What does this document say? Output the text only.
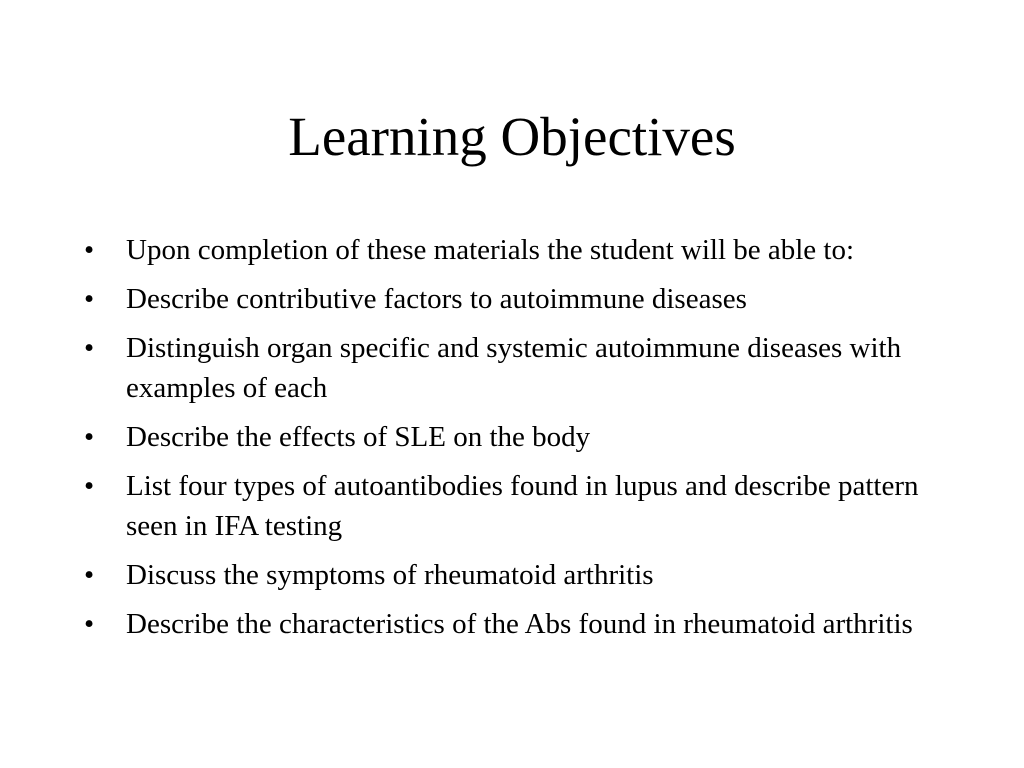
Learning Objectives
• Upon completion of these materials the student will be able to:
• Describe contributive factors to autoimmune diseases
• Distinguish organ specific and systemic autoimmune diseases with examples of each
• Describe the effects of SLE on the body
• List four types of autoantibodies found in lupus and describe pattern seen in IFA testing
• Discuss the symptoms of rheumatoid arthritis
• Describe the characteristics of the Abs found in rheumatoid arthritis
